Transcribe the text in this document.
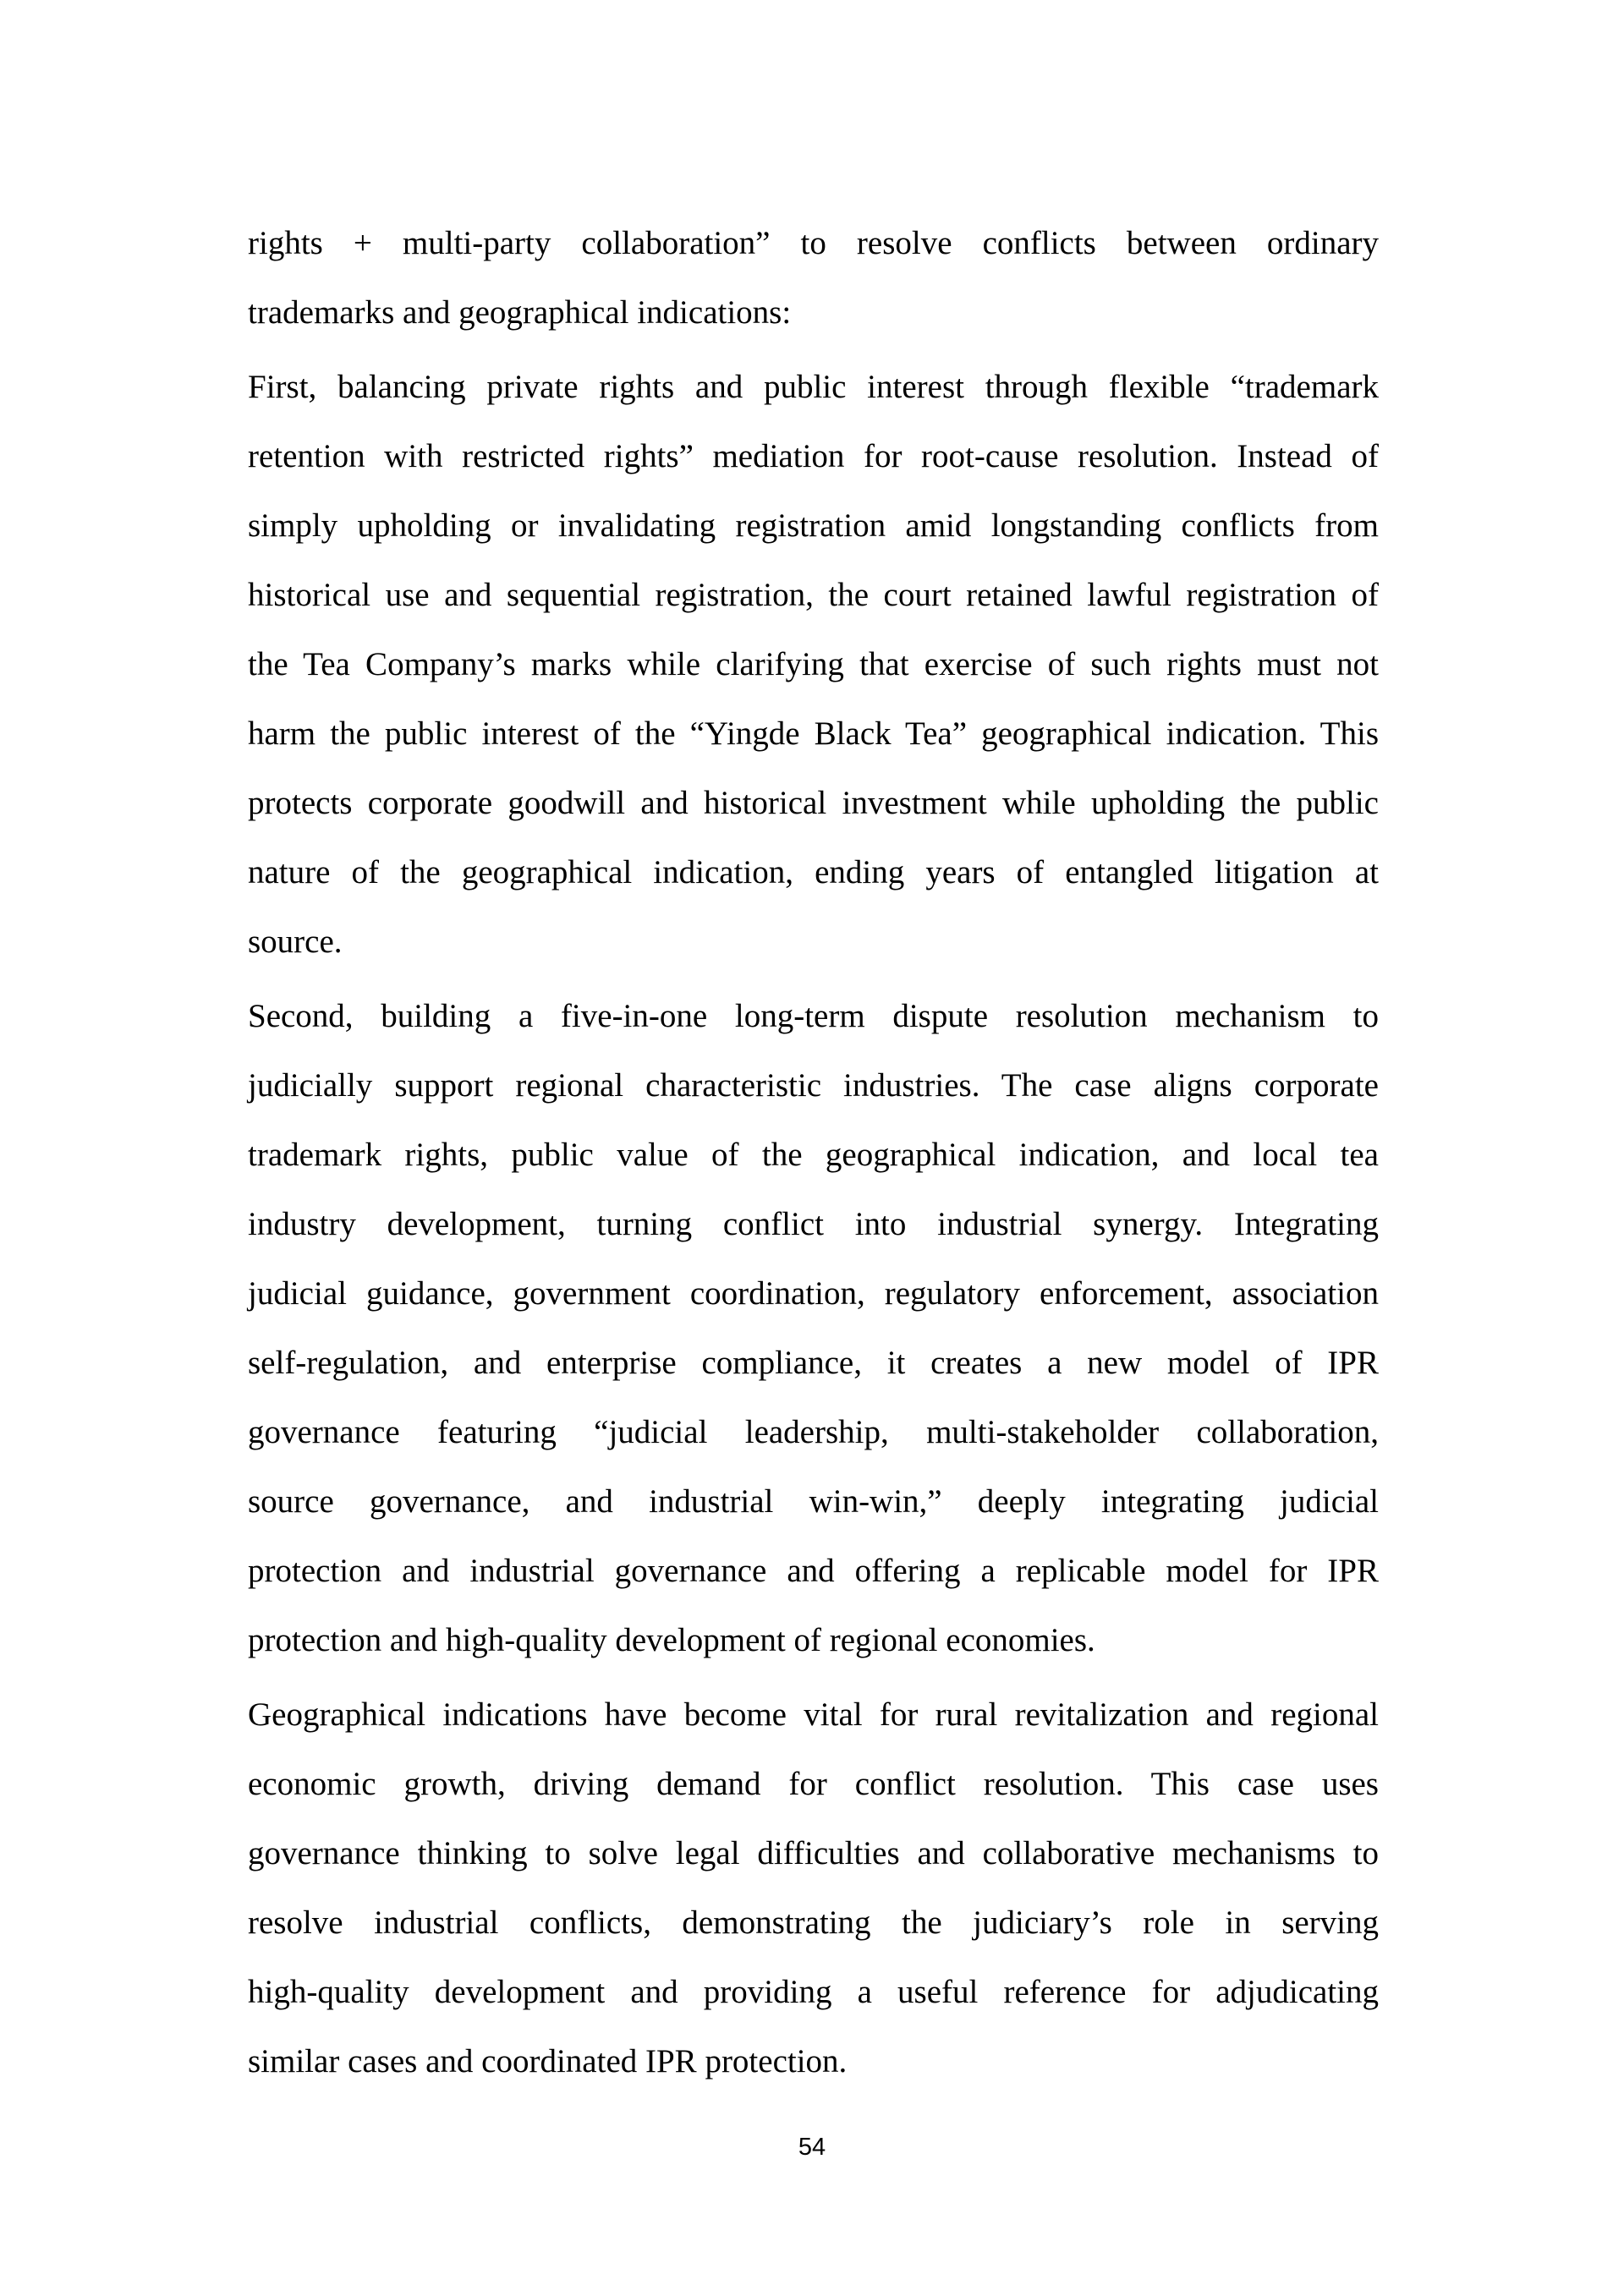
rights + multi-party collaboration” to resolve conflicts between ordinary
trademarks and geographical indications:
First, balancing private rights and public interest through flexible “trademark
retention with restricted rights” mediation for root-cause resolution. Instead of
simply upholding or invalidating registration amid longstanding conflicts from
historical use and sequential registration, the court retained lawful registration of
the Tea Company’s marks while clarifying that exercise of such rights must not
harm the public interest of the “Yingde Black Tea” geographical indication. This
protects corporate goodwill and historical investment while upholding the public
nature of the geographical indication, ending years of entangled litigation at
source.
Second, building a five-in-one long-term dispute resolution mechanism to
judicially support regional characteristic industries. The case aligns corporate
trademark rights, public value of the geographical indication, and local tea
industry development, turning conflict into industrial synergy. Integrating
judicial guidance, government coordination, regulatory enforcement, association
self-regulation, and enterprise compliance, it creates a new model of IPR
governance featuring “judicial leadership, multi-stakeholder collaboration,
source governance, and industrial win-win,” deeply integrating judicial
protection and industrial governance and offering a replicable model for IPR
protection and high-quality development of regional economies.
Geographical indications have become vital for rural revitalization and regional
economic growth, driving demand for conflict resolution. This case uses
governance thinking to solve legal difficulties and collaborative mechanisms to
resolve industrial conflicts, demonstrating the judiciary’s role in serving
high-quality development and providing a useful reference for adjudicating
similar cases and coordinated IPR protection.
54
